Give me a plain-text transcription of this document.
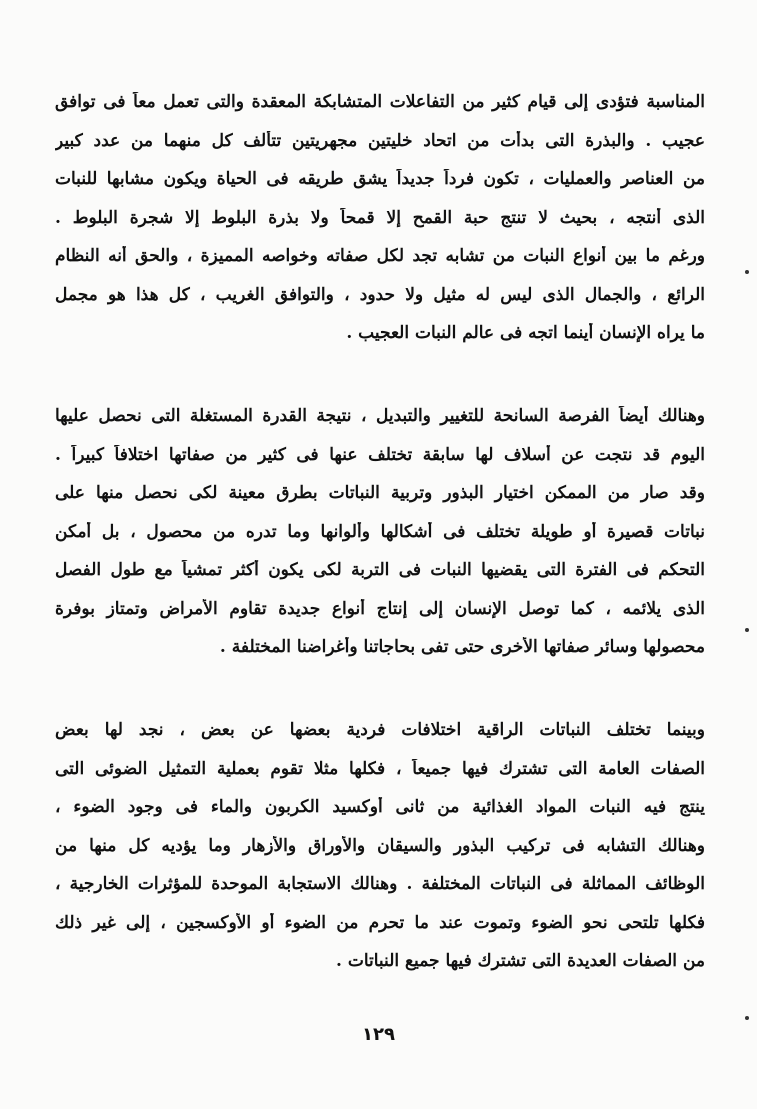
المناسبة فتؤدى إلى قيام كثير من التفاعلات المتشابكة المعقدة والتى تعمل معاً فى توافق
عجيب . والبذرة التى بدأت من اتحاد خليتين مجهريتين تتألف كل منهما من عدد كبير
من العناصر والعمليات ، تكون فرداً جديداً يشق طريقه فى الحياة ويكون مشابها للنبات
الذى أنتجه ، بحيث لا تنتج حبة القمح إلا قمحاً ولا بذرة البلوط إلا شجرة البلوط .
ورغم ما بين أنواع النبات من تشابه تجد لكل صفاته وخواصه المميزة ، والحق أنه النظام
الرائع ، والجمال الذى ليس له مثيل ولا حدود ، والتوافق الغريب ، كل هذا هو مجمل
ما يراه الإنسان أينما اتجه فى عالم النبات العجيب .
وهنالك أيضاً الفرصة السانحة للتغيير والتبديل ، نتيجة القدرة المستغلة التى نحصل عليها
اليوم قد نتجت عن أسلاف لها سابقة تختلف عنها فى كثير من صفاتها اختلافاً كبيراً .
وقد صار من الممكن اختيار البذور وتربية النباتات بطرق معينة لكى نحصل منها على
نباتات قصيرة أو طويلة تختلف فى أشكالها وألوانها وما تدره من محصول ، بل أمكن
التحكم فى الفترة التى يقضيها النبات فى التربة لكى يكون أكثر تمشياً مع طول الفصل
الذى يلائمه ، كما توصل الإنسان إلى إنتاج أنواع جديدة تقاوم الأمراض وتمتاز بوفرة
محصولها وسائر صفاتها الأخرى حتى تفى بحاجاتنا وأغراضنا المختلفة .
وبينما تختلف النباتات الراقية اختلافات فردية بعضها عن بعض ، نجد لها بعض
الصفات العامة التى تشترك فيها جميعاً ، فكلها مثلا تقوم بعملية التمثيل الضوئى التى
ينتج فيه النبات المواد الغذائية من ثانى أوكسيد الكربون والماء فى وجود الضوء ،
وهنالك التشابه فى تركيب البذور والسيقان والأوراق والأزهار وما يؤديه كل منها من
الوظائف المماثلة فى النباتات المختلفة . وهنالك الاستجابة الموحدة للمؤثرات الخارجية ،
فكلها تلتحى نحو الضوء وتموت عند ما تحرم من الضوء أو الأوكسجين ، إلى غير ذلك
من الصفات العديدة التى تشترك فيها جميع النباتات .
١٢٩
